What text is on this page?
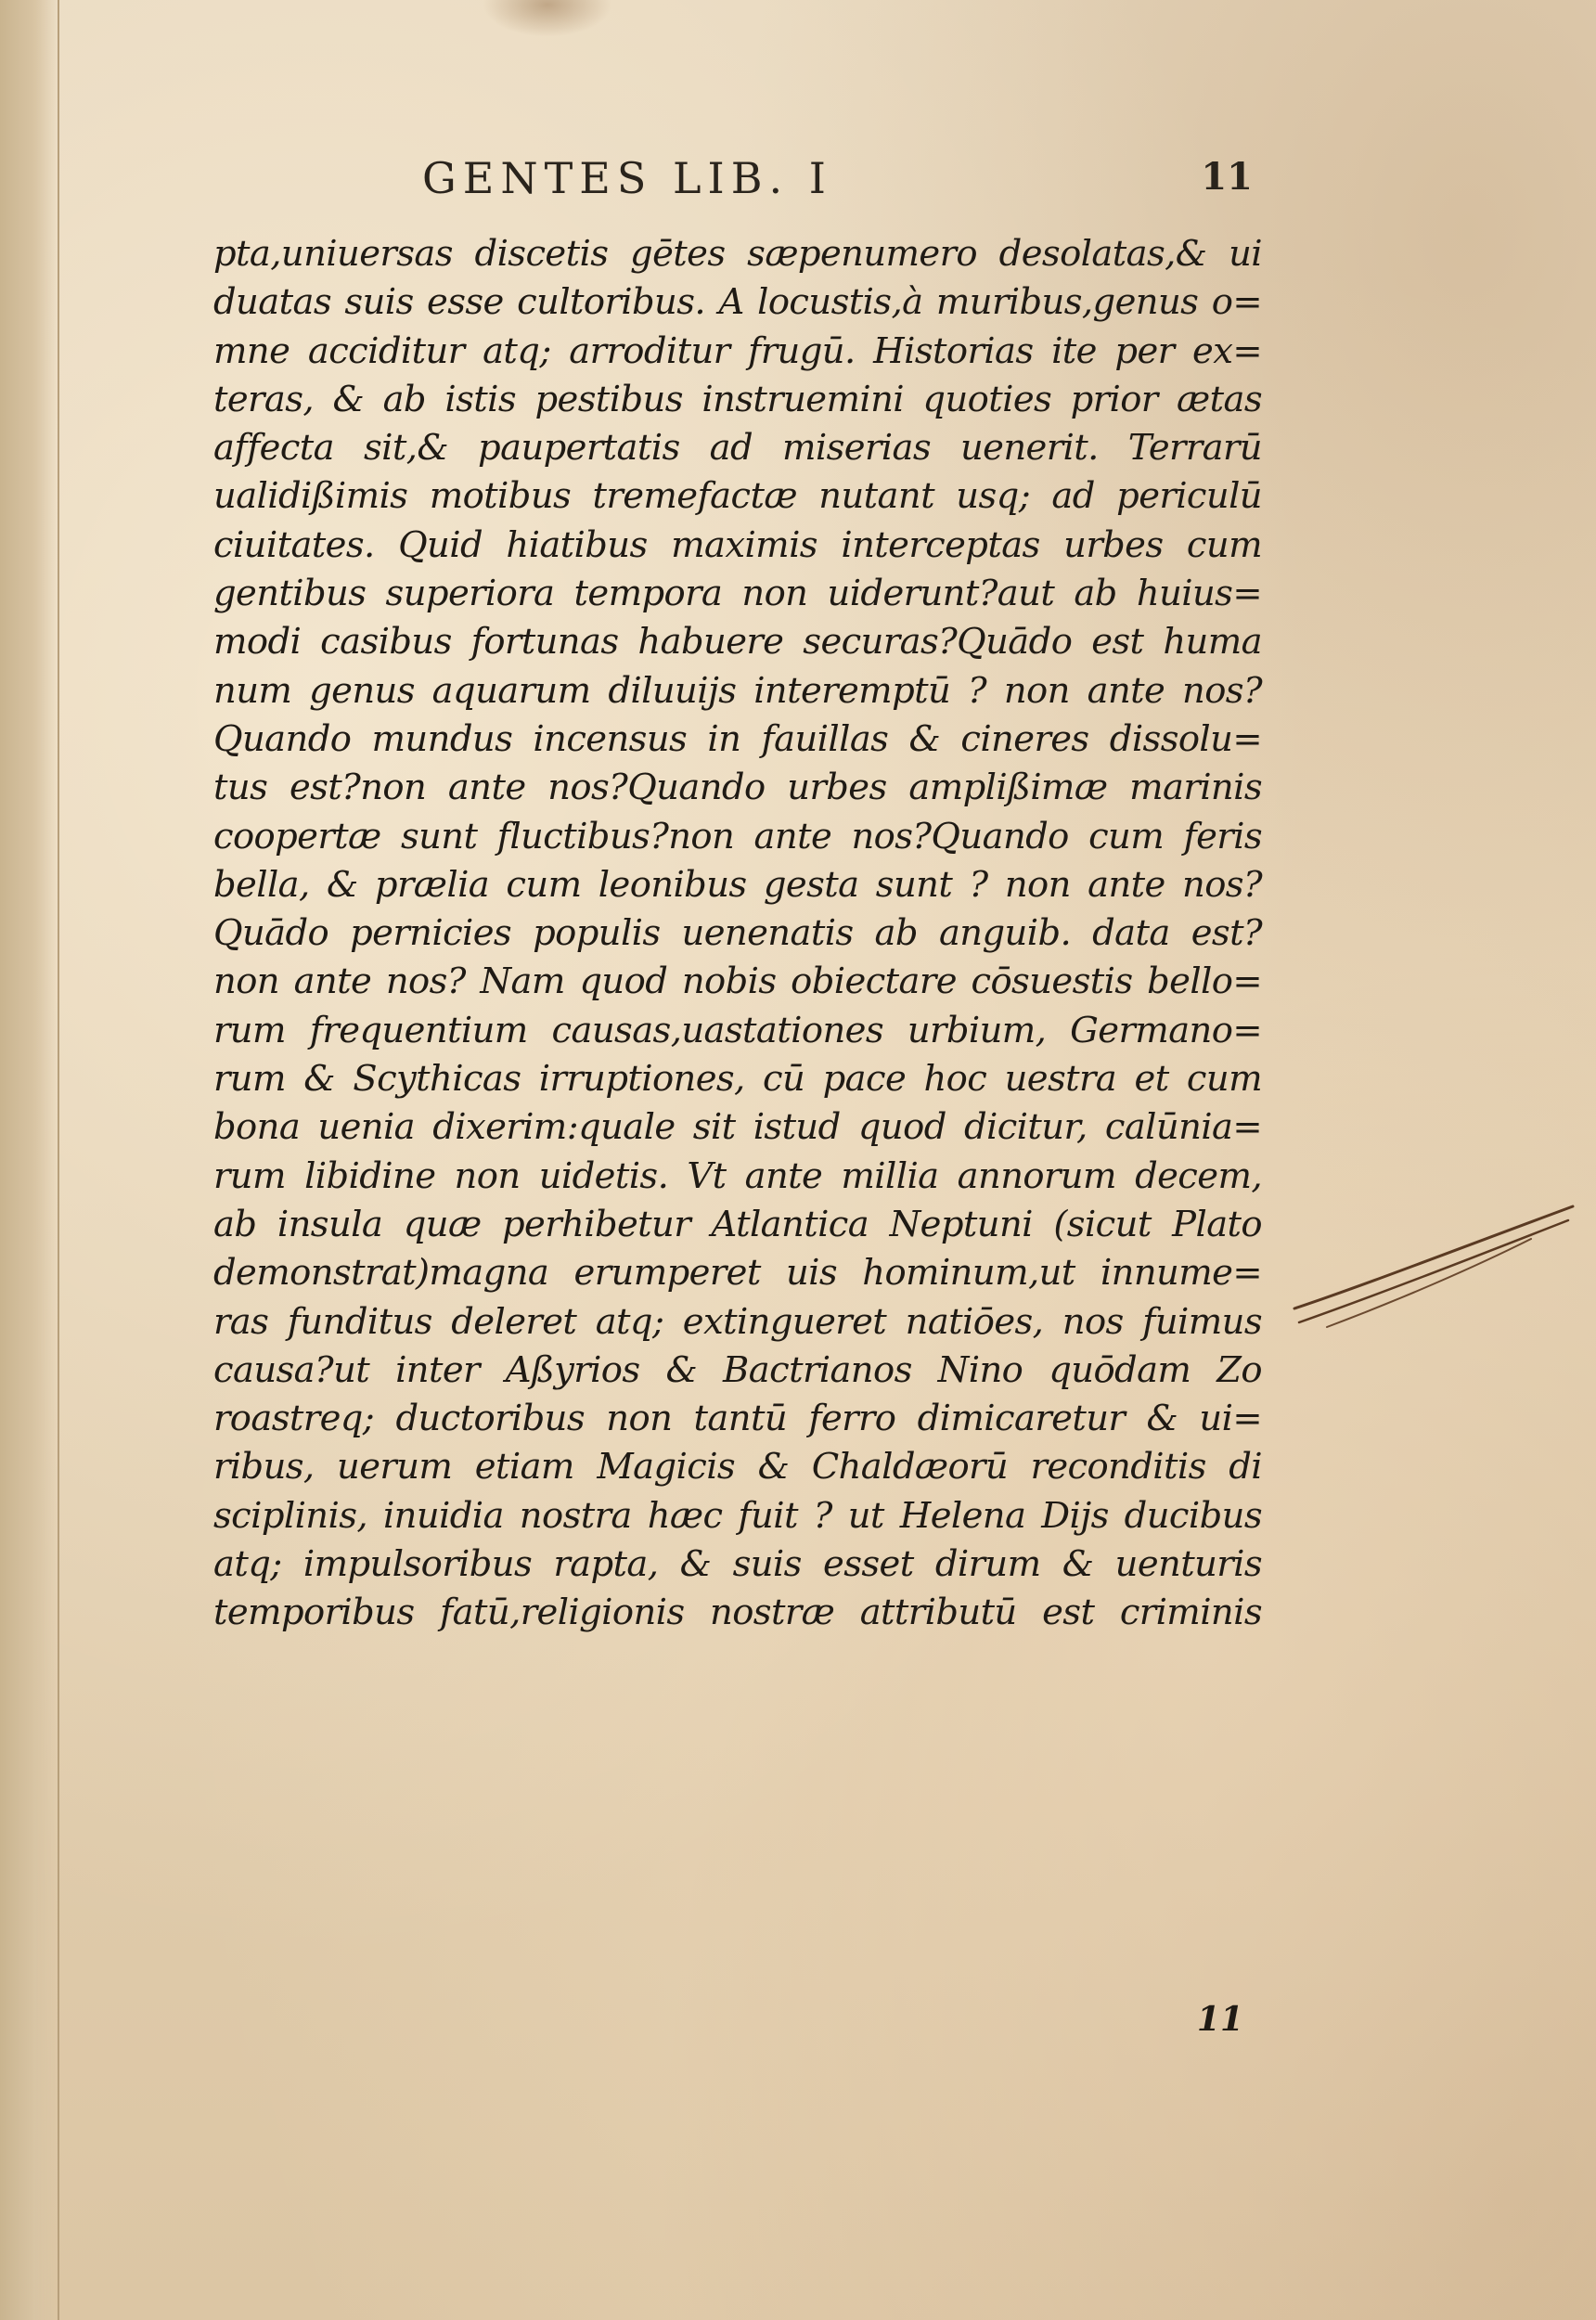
GENTES LIB. I	11
pta,uniuersas discetis gētes sæpenumero desolatas,& ui
duatas suis esse cultoribus. A locustis,à muribus,genus o=
mne acciditur atq; arroditur frugū. Historias ite per ex=
teras, & ab istis pestibus instruemini quoties prior ætas
affecta sit,& paupertatis ad miserias uenerit. Terrarū
ualidißimis motibus tremefactæ nutant usq; ad periculū
ciuitates. Quid hiatibus maximis interceptas urbes cum
gentibus superiora tempora non uiderunt?aut ab huius=
modi casibus fortunas habuere securas?Quādo est huma
num genus aquarum diluuijs interemptū ? non ante nos?
Quando mundus incensus in fauillas & cineres dissolu=
tus est?non ante nos?Quando urbes amplißimæ marinis
coopertæ sunt fluctibus?non ante nos?Quando cum feris
bella, & prælia cum leonibus gesta sunt ? non ante nos?
Quādo pernicies populis uenenatis ab anguib. data est?
non ante nos? Nam quod nobis obiectare cōsuestis bello=
rum frequentium causas,uastationes urbium, Germano=
rum & Scythicas irruptiones, cū pace hoc uestra et cum
bona uenia dixerim:quale sit istud quod dicitur, calūnia=
rum libidine non uidetis. Vt ante millia annorum decem,
ab insula quæ perhibetur Atlantica Neptuni (sicut Plato
demonstrat)magna erumperet uis hominum,ut innume=
ras funditus deleret atq; extingueret natiōes, nos fuimus
causa?ut inter Aßyrios & Bactrianos Nino quōdam Zo
roastreq; ductoribus non tantū ferro dimicaretur & ui=
ribus, uerum etiam Magicis & Chaldæorū reconditis di
sciplinis, inuidia nostra hæc fuit ? ut Helena Dijs ducibus
atq; impulsoribus rapta, & suis esset dirum & uenturis
temporibus fatū,religionis nostræ attributū est criminis
11
